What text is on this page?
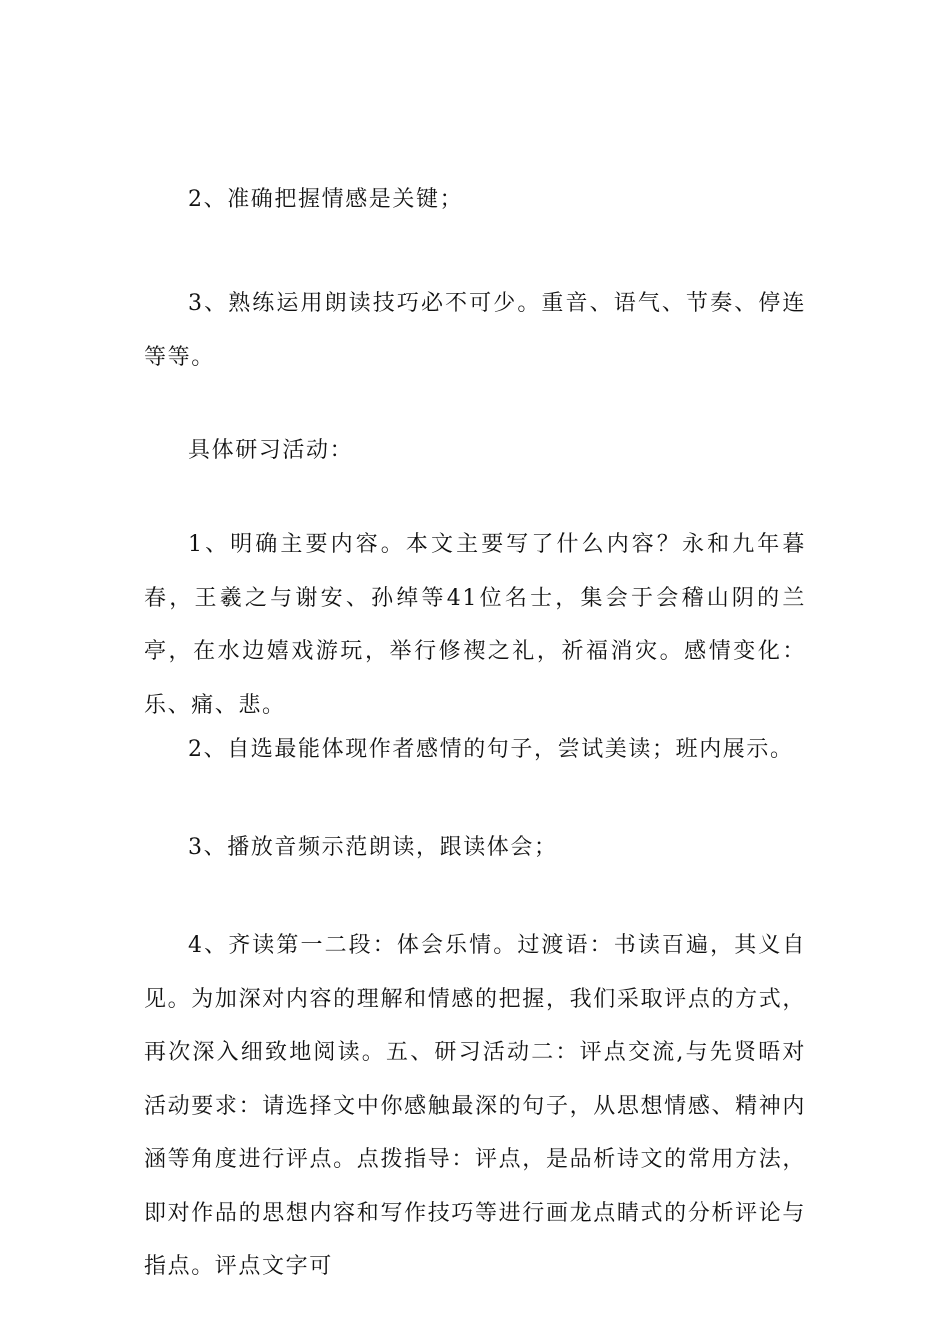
2、准确把握情感是关键；

3、熟练运用朗读技巧必不可少。重音、语气、节奏、停连等等。

具体研习活动：

1、明确主要内容。本文主要写了什么内容？永和九年暮春，王羲之与谢安、孙绰等41位名士，集会于会稽山阴的兰亭，在水边嬉戏游玩，举行修禊之礼，祈福消灾。感情变化：乐、痛、悲。

2、自选最能体现作者感情的句子，尝试美读；班内展示。

3、播放音频示范朗读，跟读体会；

4、齐读第一二段：体会乐情。过渡语：书读百遍，其义自见。为加深对内容的理解和情感的把握，我们采取评点的方式，再次深入细致地阅读。五、研习活动二：评点交流,与先贤晤对活动要求：请选择文中你感触最深的句子，从思想情感、精神内涵等角度进行评点。点拨指导：评点，是品析诗文的常用方法，即对作品的思想内容和写作技巧等进行画龙点睛式的分析评论与指点。评点文字可
